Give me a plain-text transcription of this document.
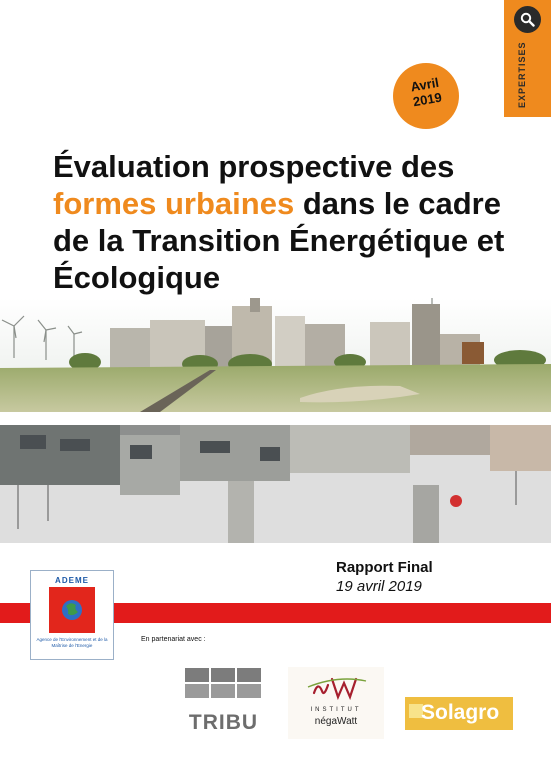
EXPERTISES
Avril
2019
Évaluation prospective des
formes urbaines dans le cadre de la Transition Énergétique et Écologique
Rapport Final
19 avril 2019
ADEME
Agence de l'Environnement et de la Maîtrise de l'Energie
En partenariat avec :
TRIBU
INSTITUT
négaWatt	Solagro
